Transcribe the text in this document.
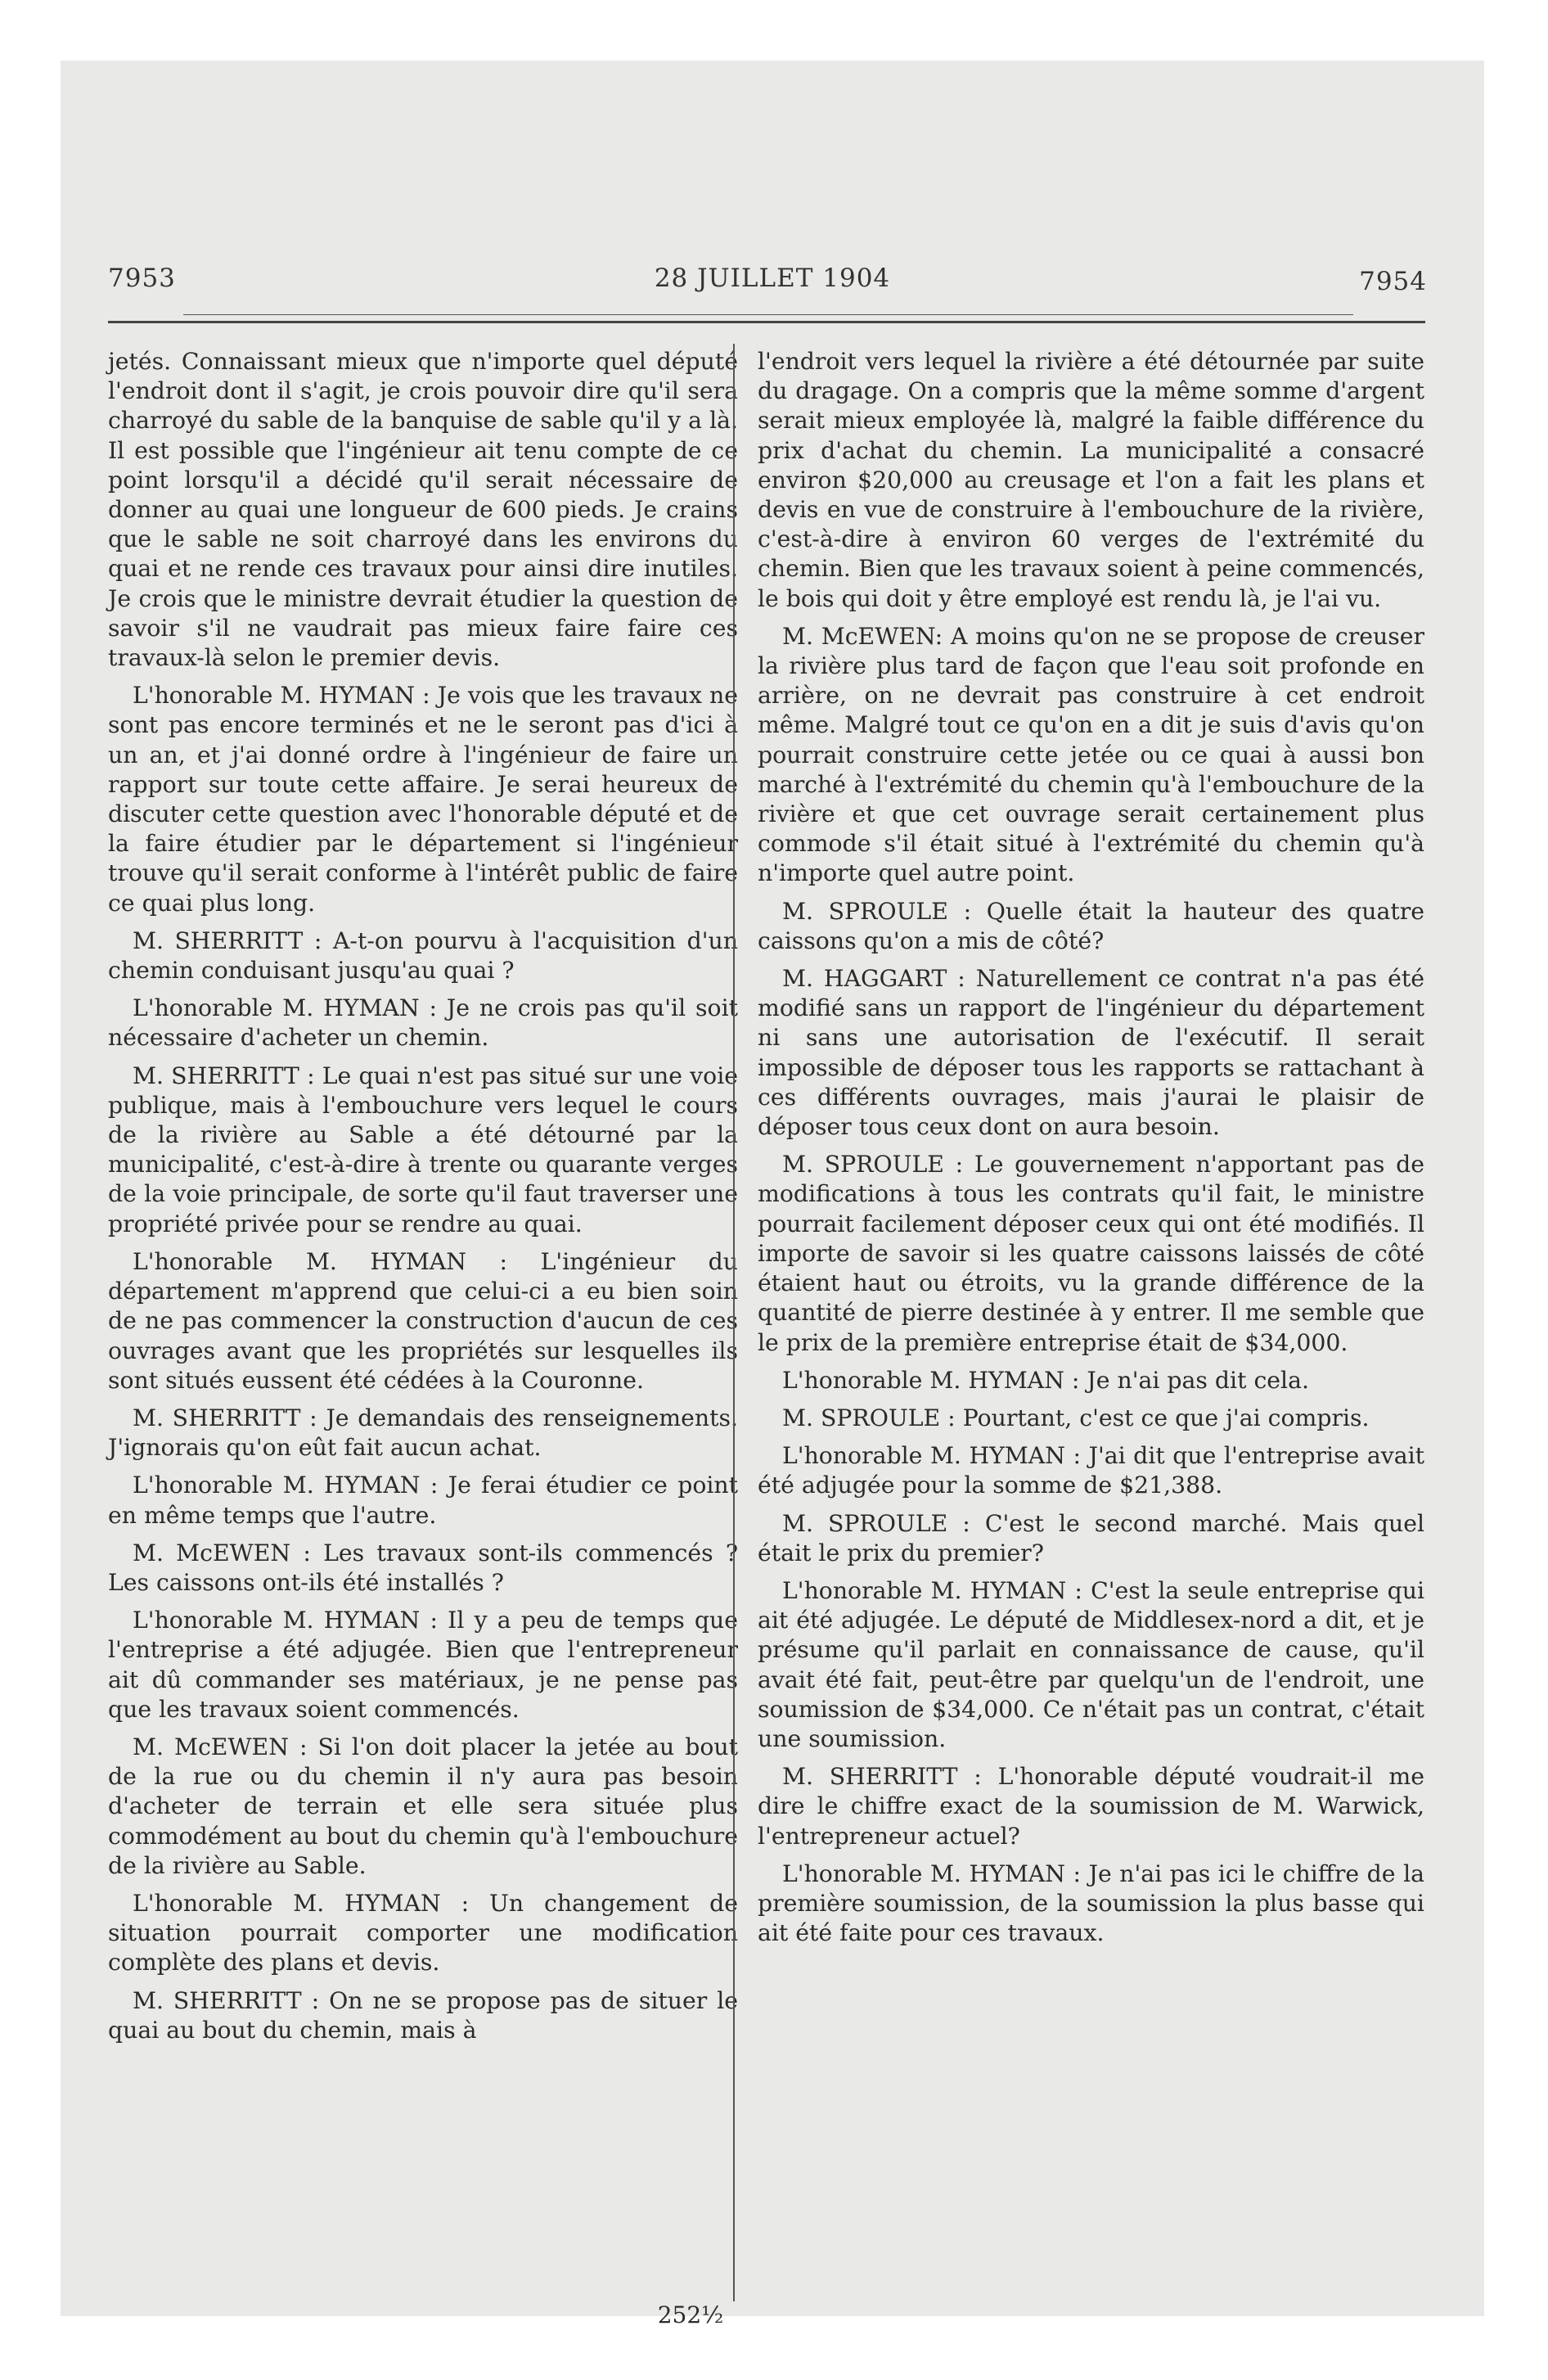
7953	28 JUILLET 1904	7954

jetés. Connaissant mieux que n'importe quel député l'endroit dont il s'agit, je crois pouvoir dire qu'il sera charroyé du sable de la banquise de sable qu'il y a là. Il est possible que l'ingénieur ait tenu compte de ce point lorsqu'il a décidé qu'il serait nécessaire de donner au quai une longueur de 600 pieds. Je crains que le sable ne soit charroyé dans les environs du quai et ne rende ces travaux pour ainsi dire inutiles. Je crois que le ministre devrait étudier la question de savoir s'il ne vaudrait pas mieux faire faire ces travaux-là selon le premier devis.

L'honorable M. HYMAN : Je vois que les travaux ne sont pas encore terminés et ne le seront pas d'ici à un an, et j'ai donné ordre à l'ingénieur de faire un rapport sur toute cette affaire. Je serai heureux de discuter cette question avec l'honorable député et de la faire étudier par le département si l'ingénieur trouve qu'il serait conforme à l'intérêt public de faire ce quai plus long.

M. SHERRITT : A-t-on pourvu à l'acquisition d'un chemin conduisant jusqu'au quai ?

L'honorable M. HYMAN : Je ne crois pas qu'il soit nécessaire d'acheter un chemin.

M. SHERRITT : Le quai n'est pas situé sur une voie publique, mais à l'embouchure vers lequel le cours de la rivière au Sable a été détourné par la municipalité, c'est-à-dire à trente ou quarante verges de la voie principale, de sorte qu'il faut traverser une propriété privée pour se rendre au quai.

L'honorable M. HYMAN : L'ingénieur du département m'apprend que celui-ci a eu bien soin de ne pas commencer la construction d'aucun de ces ouvrages avant que les propriétés sur lesquelles ils sont situés eussent été cédées à la Couronne.

M. SHERRITT : Je demandais des renseignements. J'ignorais qu'on eût fait aucun achat.

L'honorable M. HYMAN : Je ferai étudier ce point en même temps que l'autre.

M. McEWEN : Les travaux sont-ils commencés ? Les caissons ont-ils été installés ?

L'honorable M. HYMAN : Il y a peu de temps que l'entreprise a été adjugée. Bien que l'entrepreneur ait dû commander ses matériaux, je ne pense pas que les travaux soient commencés.

M. McEWEN : Si l'on doit placer la jetée au bout de la rue ou du chemin il n'y aura pas besoin d'acheter de terrain et elle sera située plus commodément au bout du chemin qu'à l'embouchure de la rivière au Sable.

L'honorable M. HYMAN : Un changement de situation pourrait comporter une modification complète des plans et devis.

M. SHERRITT : On ne se propose pas de situer le quai au bout du chemin, mais à

l'endroit vers lequel la rivière a été détournée par suite du dragage. On a compris que la même somme d'argent serait mieux employée là, malgré la faible différence du prix d'achat du chemin. La municipalité a consacré environ $20,000 au creusage et l'on a fait les plans et devis en vue de construire à l'embouchure de la rivière, c'est-à-dire à environ 60 verges de l'extrémité du chemin. Bien que les travaux soient à peine commencés, le bois qui doit y être employé est rendu là, je l'ai vu.

M. McEWEN: A moins qu'on ne se propose de creuser la rivière plus tard de façon que l'eau soit profonde en arrière, on ne devrait pas construire à cet endroit même. Malgré tout ce qu'on en a dit je suis d'avis qu'on pourrait construire cette jetée ou ce quai à aussi bon marché à l'extrémité du chemin qu'à l'embouchure de la rivière et que cet ouvrage serait certainement plus commode s'il était situé à l'extrémité du chemin qu'à n'importe quel autre point.

M. SPROULE : Quelle était la hauteur des quatre caissons qu'on a mis de côté?

M. HAGGART : Naturellement ce contrat n'a pas été modifié sans un rapport de l'ingénieur du département ni sans une autorisation de l'exécutif. Il serait impossible de déposer tous les rapports se rattachant à ces différents ouvrages, mais j'aurai le plaisir de déposer tous ceux dont on aura besoin.

M. SPROULE : Le gouvernement n'apportant pas de modifications à tous les contrats qu'il fait, le ministre pourrait facilement déposer ceux qui ont été modifiés. Il importe de savoir si les quatre caissons laissés de côté étaient haut ou étroits, vu la grande différence de la quantité de pierre destinée à y entrer. Il me semble que le prix de la première entreprise était de $34,000.

L'honorable M. HYMAN : Je n'ai pas dit cela.

M. SPROULE : Pourtant, c'est ce que j'ai compris.

L'honorable M. HYMAN : J'ai dit que l'entreprise avait été adjugée pour la somme de $21,388.

M. SPROULE : C'est le second marché. Mais quel était le prix du premier?

L'honorable M. HYMAN : C'est la seule entreprise qui ait été adjugée. Le député de Middlesex-nord a dit, et je présume qu'il parlait en connaissance de cause, qu'il avait été fait, peut-être par quelqu'un de l'endroit, une soumission de $34,000. Ce n'était pas un contrat, c'était une soumission.

M. SHERRITT : L'honorable député voudrait-il me dire le chiffre exact de la soumission de M. Warwick, l'entrepreneur actuel?

L'honorable M. HYMAN : Je n'ai pas ici le chiffre de la première soumission, de la soumission la plus basse qui ait été faite pour ces travaux.

252½
